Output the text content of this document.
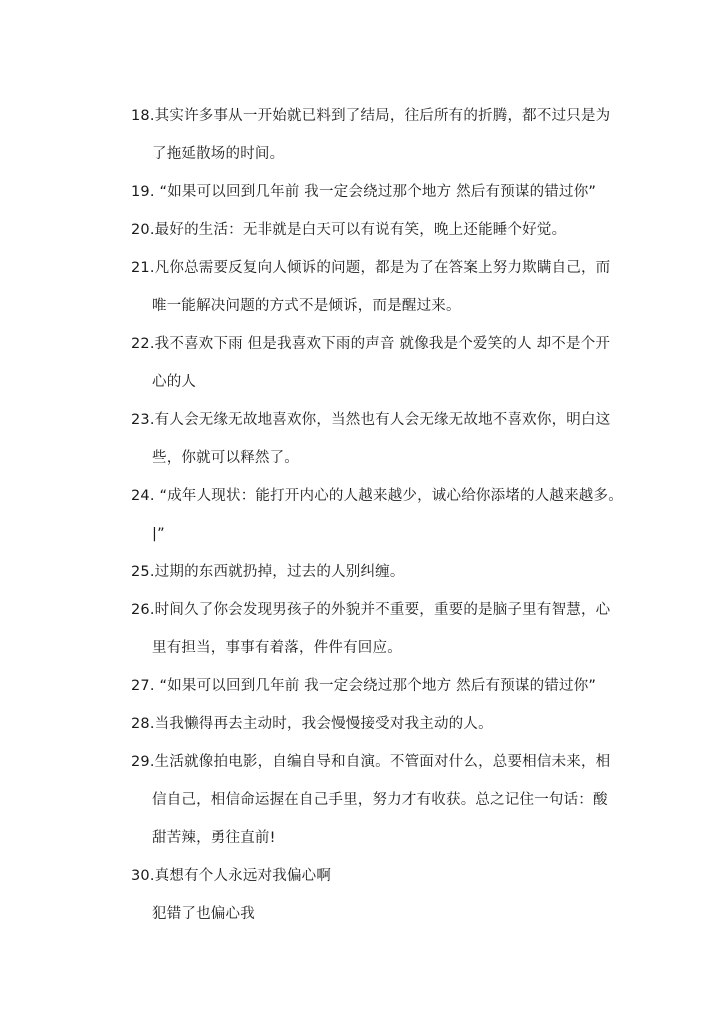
18.其实许多事从一开始就已料到了结局，往后所有的折腾，都不过只是为
了拖延散场的时间。
19. “如果可以回到几年前 我一定会绕过那个地方 然后有预谋的错过你”
20.最好的生活：无非就是白天可以有说有笑，晚上还能睡个好觉。
21.凡你总需要反复向人倾诉的问题，都是为了在答案上努力欺瞒自己，而
唯一能解决问题的方式不是倾诉，而是醒过来。
22.我不喜欢下雨 但是我喜欢下雨的声音 就像我是个爱笑的人 却不是个开
心的人
23.有人会无缘无故地喜欢你，当然也有人会无缘无故地不喜欢你，明白这
些，你就可以释然了。
24. “成年人现状：能打开内心的人越来越少，诚心给你添堵的人越来越多。
|”
25.过期的东西就扔掉，过去的人别纠缠。
26.时间久了你会发现男孩子的外貌并不重要，重要的是脑子里有智慧，心
里有担当，事事有着落，件件有回应。
27. “如果可以回到几年前 我一定会绕过那个地方 然后有预谋的错过你”
28.当我懒得再去主动时，我会慢慢接受对我主动的人。
29.生活就像拍电影，自编自导和自演。不管面对什么，总要相信未来，相
信自己，相信命运握在自己手里，努力才有收获。总之记住一句话：酸
甜苦辣，勇往直前!
30.真想有个人永远对我偏心啊
犯错了也偏心我
